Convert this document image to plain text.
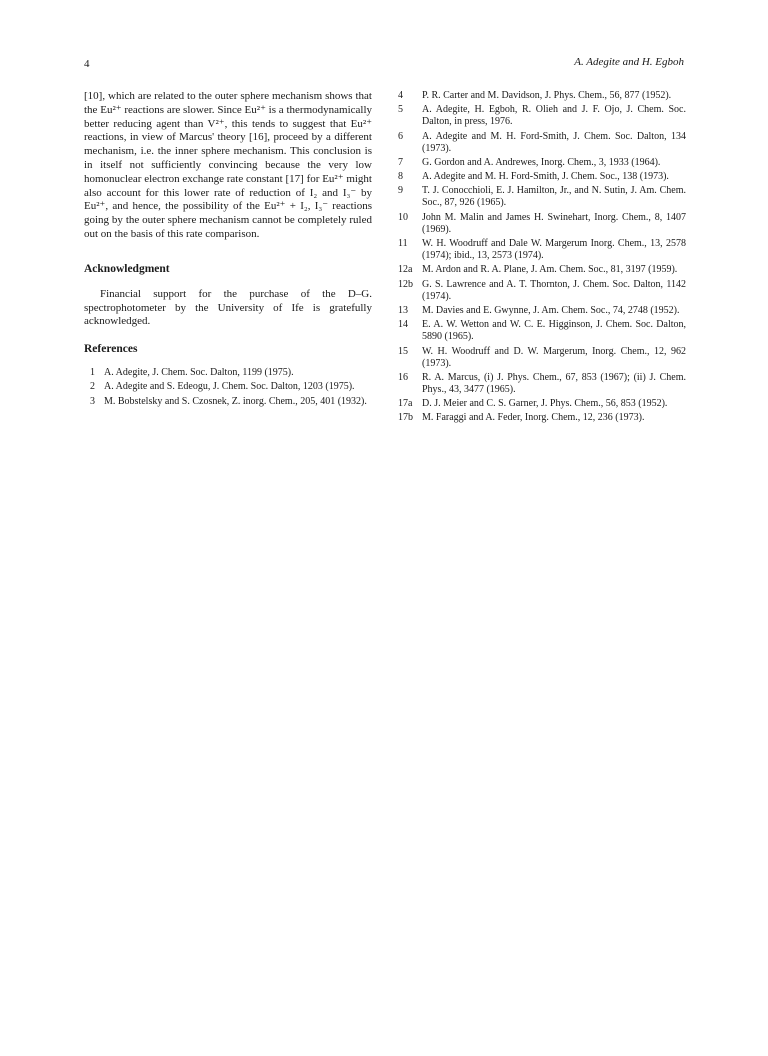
4	A. Adegite and H. Egboh

[10], which are related to the outer sphere mechanism shows that the Eu²⁺ reactions are slower. Since Eu²⁺ is a thermodynamically better reducing agent than V²⁺, this tends to suggest that Eu²⁺ reactions, in view of Marcus' theory [16], proceed by a different mechanism, i.e. the inner sphere mechanism. This conclusion is in itself not sufficiently convincing because the very low homonuclear electron exchange rate constant [17] for Eu²⁺ might also account for this lower rate of reduction of I₂ and I₃⁻ by Eu²⁺, and hence, the possibility of the Eu²⁺ + I₂, I₃⁻ reactions going by the outer sphere mechanism cannot be completely ruled out on the basis of this rate comparison.

Acknowledgment

Financial support for the purchase of the D–G. spectrophotometer by the University of Ife is gratefully acknowledged.

References

1 A. Adegite, J. Chem. Soc. Dalton, 1199 (1975).
2 A. Adegite and S. Edeogu, J. Chem. Soc. Dalton, 1203 (1975).
3 M. Bobstelsky and S. Czosnek, Z. inorg. Chem., 205, 401 (1932).
4	P. R. Carter and M. Davidson, J. Phys. Chem., 56, 877 (1952).
5	A. Adegite, H. Egboh, R. Olieh and J. F. Ojo, J. Chem. Soc. Dalton, in press, 1976.
6	A. Adegite and M. H. Ford-Smith, J. Chem. Soc. Dalton, 134 (1973).
7	G. Gordon and A. Andrewes, Inorg. Chem., 3, 1933 (1964).
8	A. Adegite and M. H. Ford-Smith, J. Chem. Soc., 138 (1973).
9	T. J. Conocchioli, E. J. Hamilton, Jr., and N. Sutin, J. Am. Chem. Soc., 87, 926 (1965).
10	John M. Malin and James H. Swinehart, Inorg. Chem., 8, 1407 (1969).
11	W. H. Woodruff and Dale W. Margerum Inorg. Chem., 13, 2578 (1974); ibid., 13, 2573 (1974).
12a M. Ardon and R. A. Plane, J. Am. Chem. Soc., 81, 3197 (1959).
12b G. S. Lawrence and A. T. Thornton, J. Chem. Soc. Dalton, 1142 (1974).
13	M. Davies and E. Gwynne, J. Am. Chem. Soc., 74, 2748 (1952).
14	E. A. W. Wetton and W. C. E. Higginson, J. Chem. Soc. Dalton, 5890 (1965).
15	W. H. Woodruff and D. W. Margerum, Inorg. Chem., 12, 962 (1973).
16	R. A. Marcus, (i) J. Phys. Chem., 67, 853 (1967); (ii) J. Chem. Phys., 43, 3477 (1965).
17a D. J. Meier and C. S. Garner, J. Phys. Chem., 56, 853 (1952).
17b M. Faraggi and A. Feder, Inorg. Chem., 12, 236 (1973).
